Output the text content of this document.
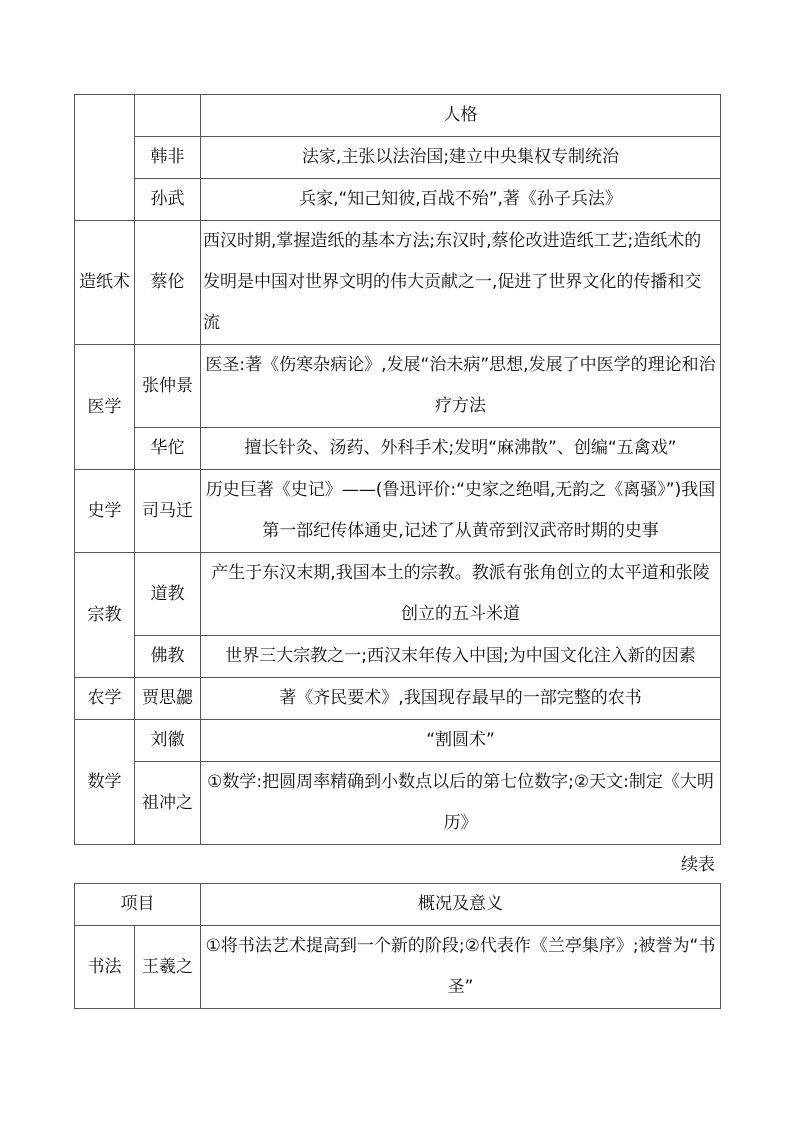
		人格
	韩非	法家,主张以法治国;建立中央集权专制统治
	孙武	兵家,“知己知彼,百战不殆”,著《孙子兵法》
造纸术	蔡伦	西汉时期,掌握造纸的基本方法;东汉时,蔡伦改进造纸工艺;造纸术的发明是中国对世界文明的伟大贡献之一,促进了世界文化的传播和交流
医学	张仲景	医圣:著《伤寒杂病论》,发展“治未病”思想,发展了中医学的理论和治疗方法
	华佗	擅长针灸、汤药、外科手术;发明“麻沸散”、创编“五禽戏”
史学	司马迁	历史巨著《史记》——(鲁迅评价:“史家之绝唱,无韵之《离骚》”)我国第一部纪传体通史,记述了从黄帝到汉武帝时期的史事
宗教	道教	产生于东汉末期,我国本土的宗教。教派有张角创立的太平道和张陵创立的五斗米道
	佛教	世界三大宗教之一;西汉末年传入中国;为中国文化注入新的因素
农学	贾思勰	著《齐民要术》,我国现存最早的一部完整的农书
数学	刘徽	“割圆术”
	祖冲之	①数学:把圆周率精确到小数点以后的第七位数字;②天文:制定《大明历》
续表
项目		概况及意义
书法	王羲之	①将书法艺术提高到一个新的阶段;②代表作《兰亭集序》;被誉为“书圣”
